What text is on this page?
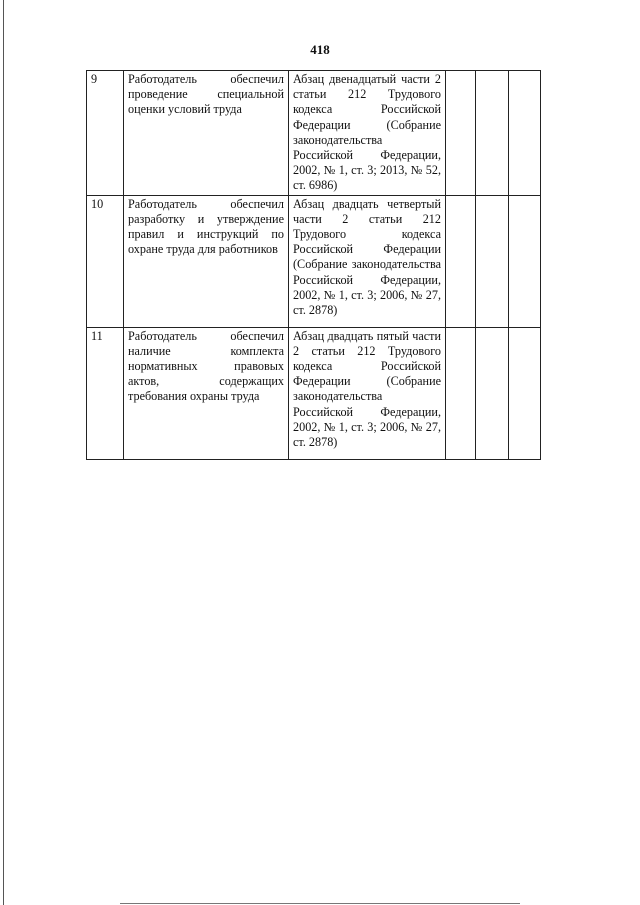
418
9	Работодатель обеспечил проведение специальной оценки условий труда	Абзац двенадцатый части 2 статьи 212 Трудового кодекса Российской Федерации (Собрание законодательства Российской Федерации, 2002, № 1, ст. 3; 2013, № 52, ст. 6986)			
10	Работодатель обеспечил разработку и утверждение правил и инструкций по охране труда для работников	Абзац двадцать четвертый части 2 статьи 212 Трудового кодекса Российской Федерации (Собрание законодательства Российской Федерации, 2002, № 1, ст. 3; 2006, № 27, ст. 2878)			
11	Работодатель обеспечил наличие комплекта нормативных правовых актов, содержащих требования охраны труда	Абзац двадцать пятый части 2 статьи 212 Трудового кодекса Российской Федерации (Собрание законодательства Российской Федерации, 2002, № 1, ст. 3; 2006, № 27, ст. 2878)			
